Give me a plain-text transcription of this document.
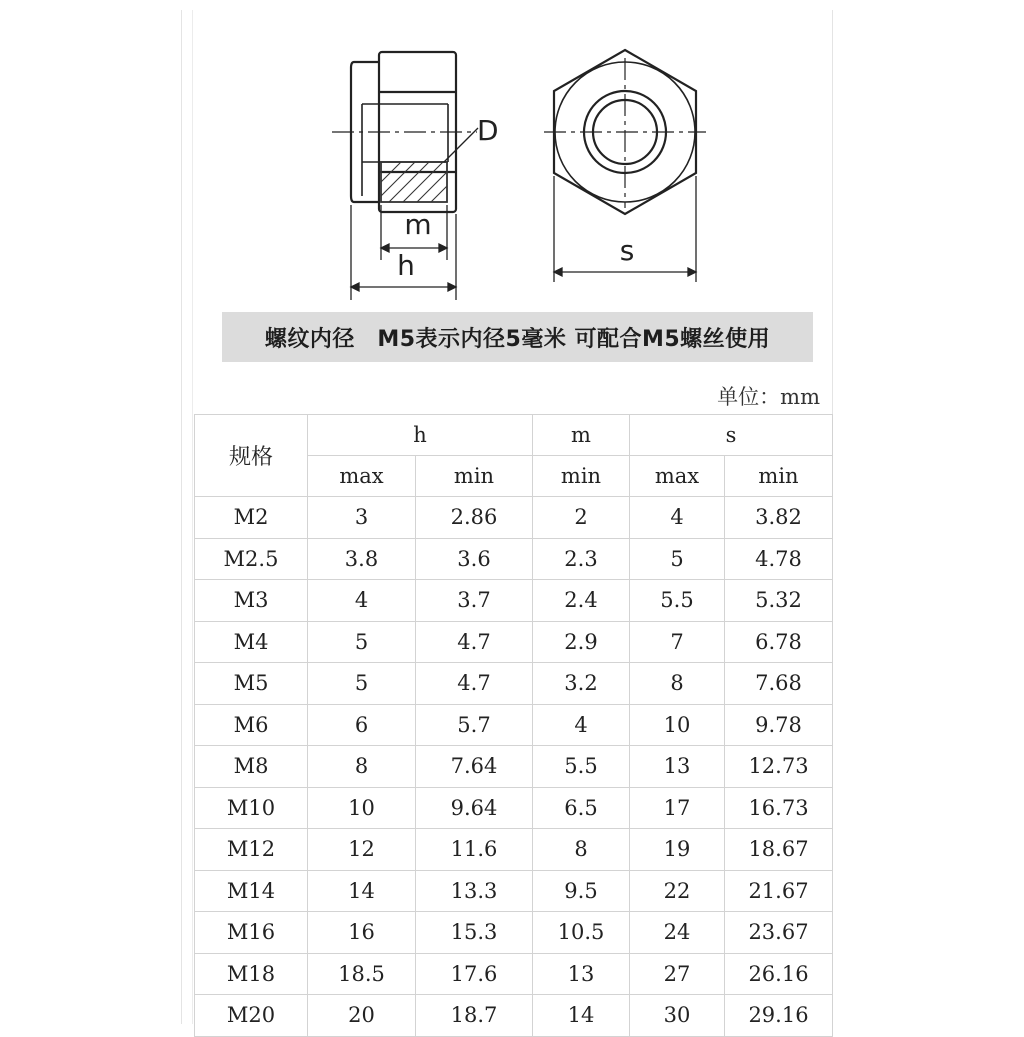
D
m
h	s
螺纹内径　M5表示内径5毫米 可配合M5螺丝使用
单位：mm
规格	h		m	s	
	max	min	min	max	min
M2	3	2.86	2	4	3.82
M2.5	3.8	3.6	2.3	5	4.78
M3	4	3.7	2.4	5.5	5.32
M4	5	4.7	2.9	7	6.78
M5	5	4.7	3.2	8	7.68
M6	6	5.7	4	10	9.78
M8	8	7.64	5.5	13	12.73
M10	10	9.64	6.5	17	16.73
M12	12	11.6	8	19	18.67
M14	14	13.3	9.5	22	21.67
M16	16	15.3	10.5	24	23.67
M18	18.5	17.6	13	27	26.16
M20	20	18.7	14	30	29.16
